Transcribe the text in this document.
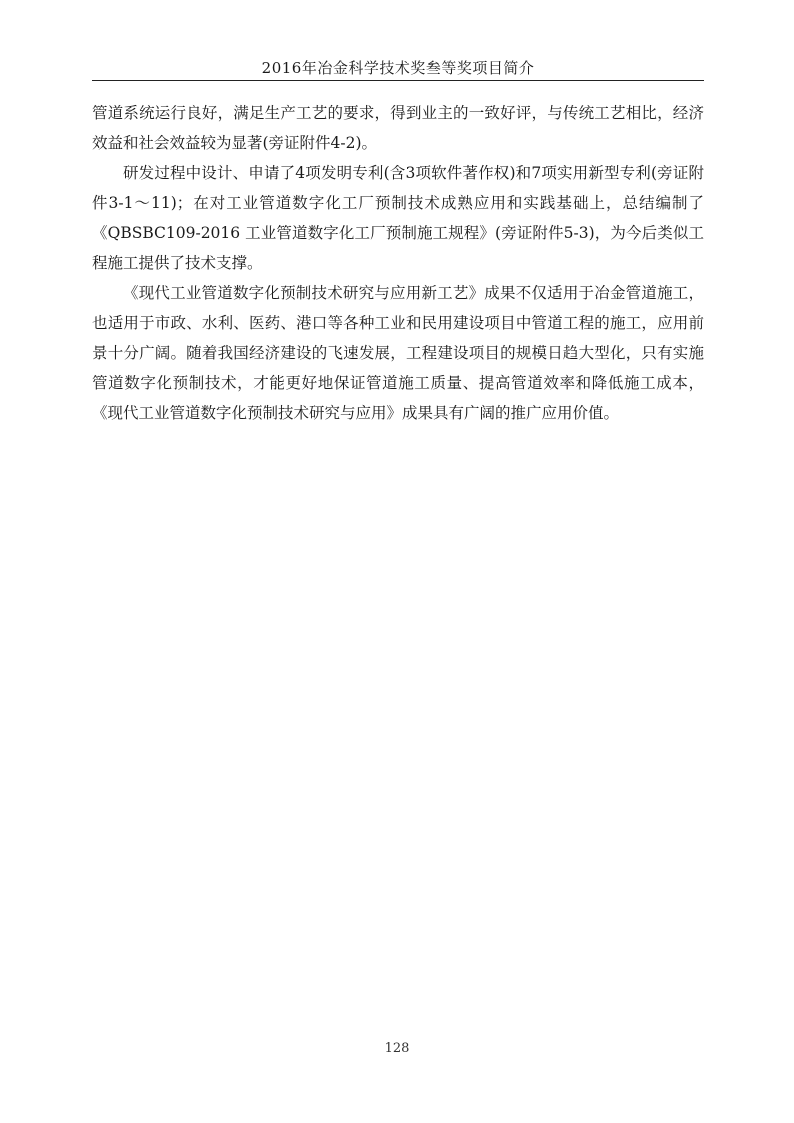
2016年冶金科学技术奖叁等奖项目简介

管道系统运行良好，满足生产工艺的要求，得到业主的一致好评，与传统工艺相比，经济效益和社会效益较为显著(旁证附件4-2)。

研发过程中设计、申请了4项发明专利(含3项软件著作权)和7项实用新型专利(旁证附件3-1～11)；在对工业管道数字化工厂预制技术成熟应用和实践基础上，总结编制了《QBSBC109-2016 工业管道数字化工厂预制施工规程》(旁证附件5-3)，为今后类似工程施工提供了技术支撑。

《现代工业管道数字化预制技术研究与应用新工艺》成果不仅适用于冶金管道施工，也适用于市政、水利、医药、港口等各种工业和民用建设项目中管道工程的施工，应用前景十分广阔。随着我国经济建设的飞速发展，工程建设项目的规模日趋大型化，只有实施管道数字化预制技术，才能更好地保证管道施工质量、提高管道效率和降低施工成本，《现代工业管道数字化预制技术研究与应用》成果具有广阔的推广应用价值。

128
